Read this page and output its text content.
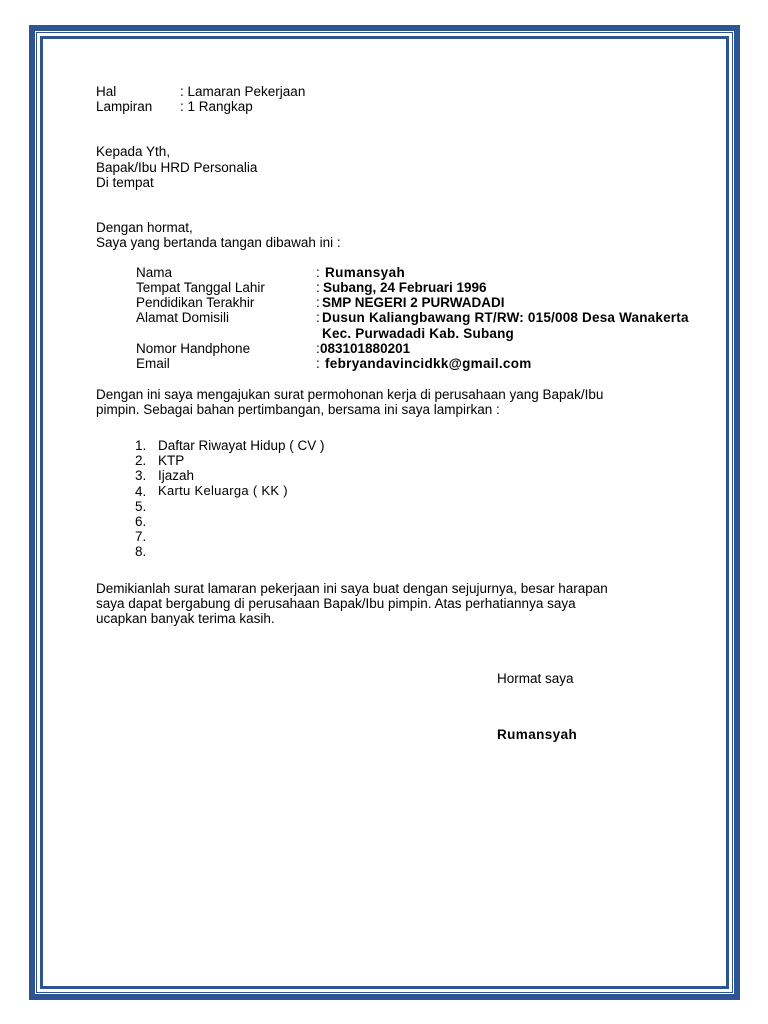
Hal	: Lamaran Pekerjaan
Lampiran : 1 Rangkap
Kepada Yth,
Bapak/Ibu HRD Personalia
Di tempat
Dengan hormat,
Saya yang bertanda tangan dibawah ini :
Nama	: Rumansyah
Tempat Tanggal Lahir	: Subang, 24 Februari 1996
Pendidikan Terakhir	: SMP NEGERI 2 PURWADADI
Alamat Domisili	: Dusun Kaliangbawang RT/RW: 015/008 Desa Wanakerta
Kec. Purwadadi Kab. Subang
Nomor Handphone	: 083101880201
Email	: febryandavincidkk@gmail.com
Dengan ini saya mengajukan surat permohonan kerja di perusahaan yang Bapak/Ibu
pimpin. Sebagai bahan pertimbangan, bersama ini saya lampirkan :
1. Daftar Riwayat Hidup ( CV )
2. KTP
3. Ijazah
4. Kartu Keluarga ( KK )
5.
6.
7.
8.
Demikianlah surat lamaran pekerjaan ini saya buat dengan sejujurnya, besar harapan
saya dapat bergabung di perusahaan Bapak/Ibu pimpin. Atas perhatiannya saya
ucapkan banyak terima kasih.
Hormat saya
Rumansyah
